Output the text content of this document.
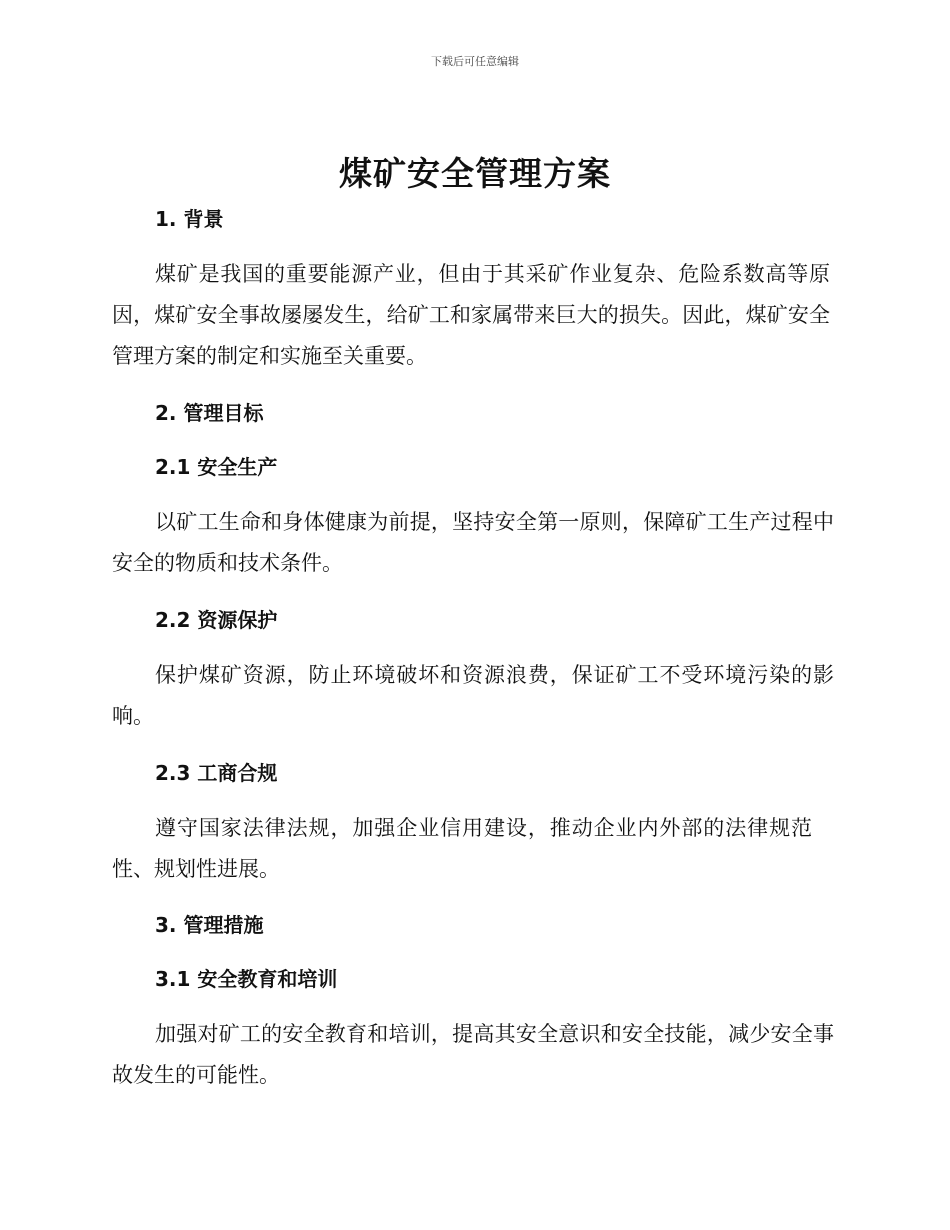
下载后可任意编辑
煤矿安全管理方案
1. 背景

煤矿是我国的重要能源产业，但由于其采矿作业复杂、危险系数高等原因，煤矿安全事故屡屡发生，给矿工和家属带来巨大的损失。因此，煤矿安全管理方案的制定和实施至关重要。

2. 管理目标
2.1 安全生产

以矿工生命和身体健康为前提，坚持安全第一原则，保障矿工生产过程中安全的物质和技术条件。

2.2 资源保护

保护煤矿资源，防止环境破坏和资源浪费，保证矿工不受环境污染的影响。

2.3 工商合规

遵守国家法律法规，加强企业信用建设，推动企业内外部的法律规范性、规划性进展。

3. 管理措施
3.1 安全教育和培训

加强对矿工的安全教育和培训，提高其安全意识和安全技能，减少安全事故发生的可能性。
